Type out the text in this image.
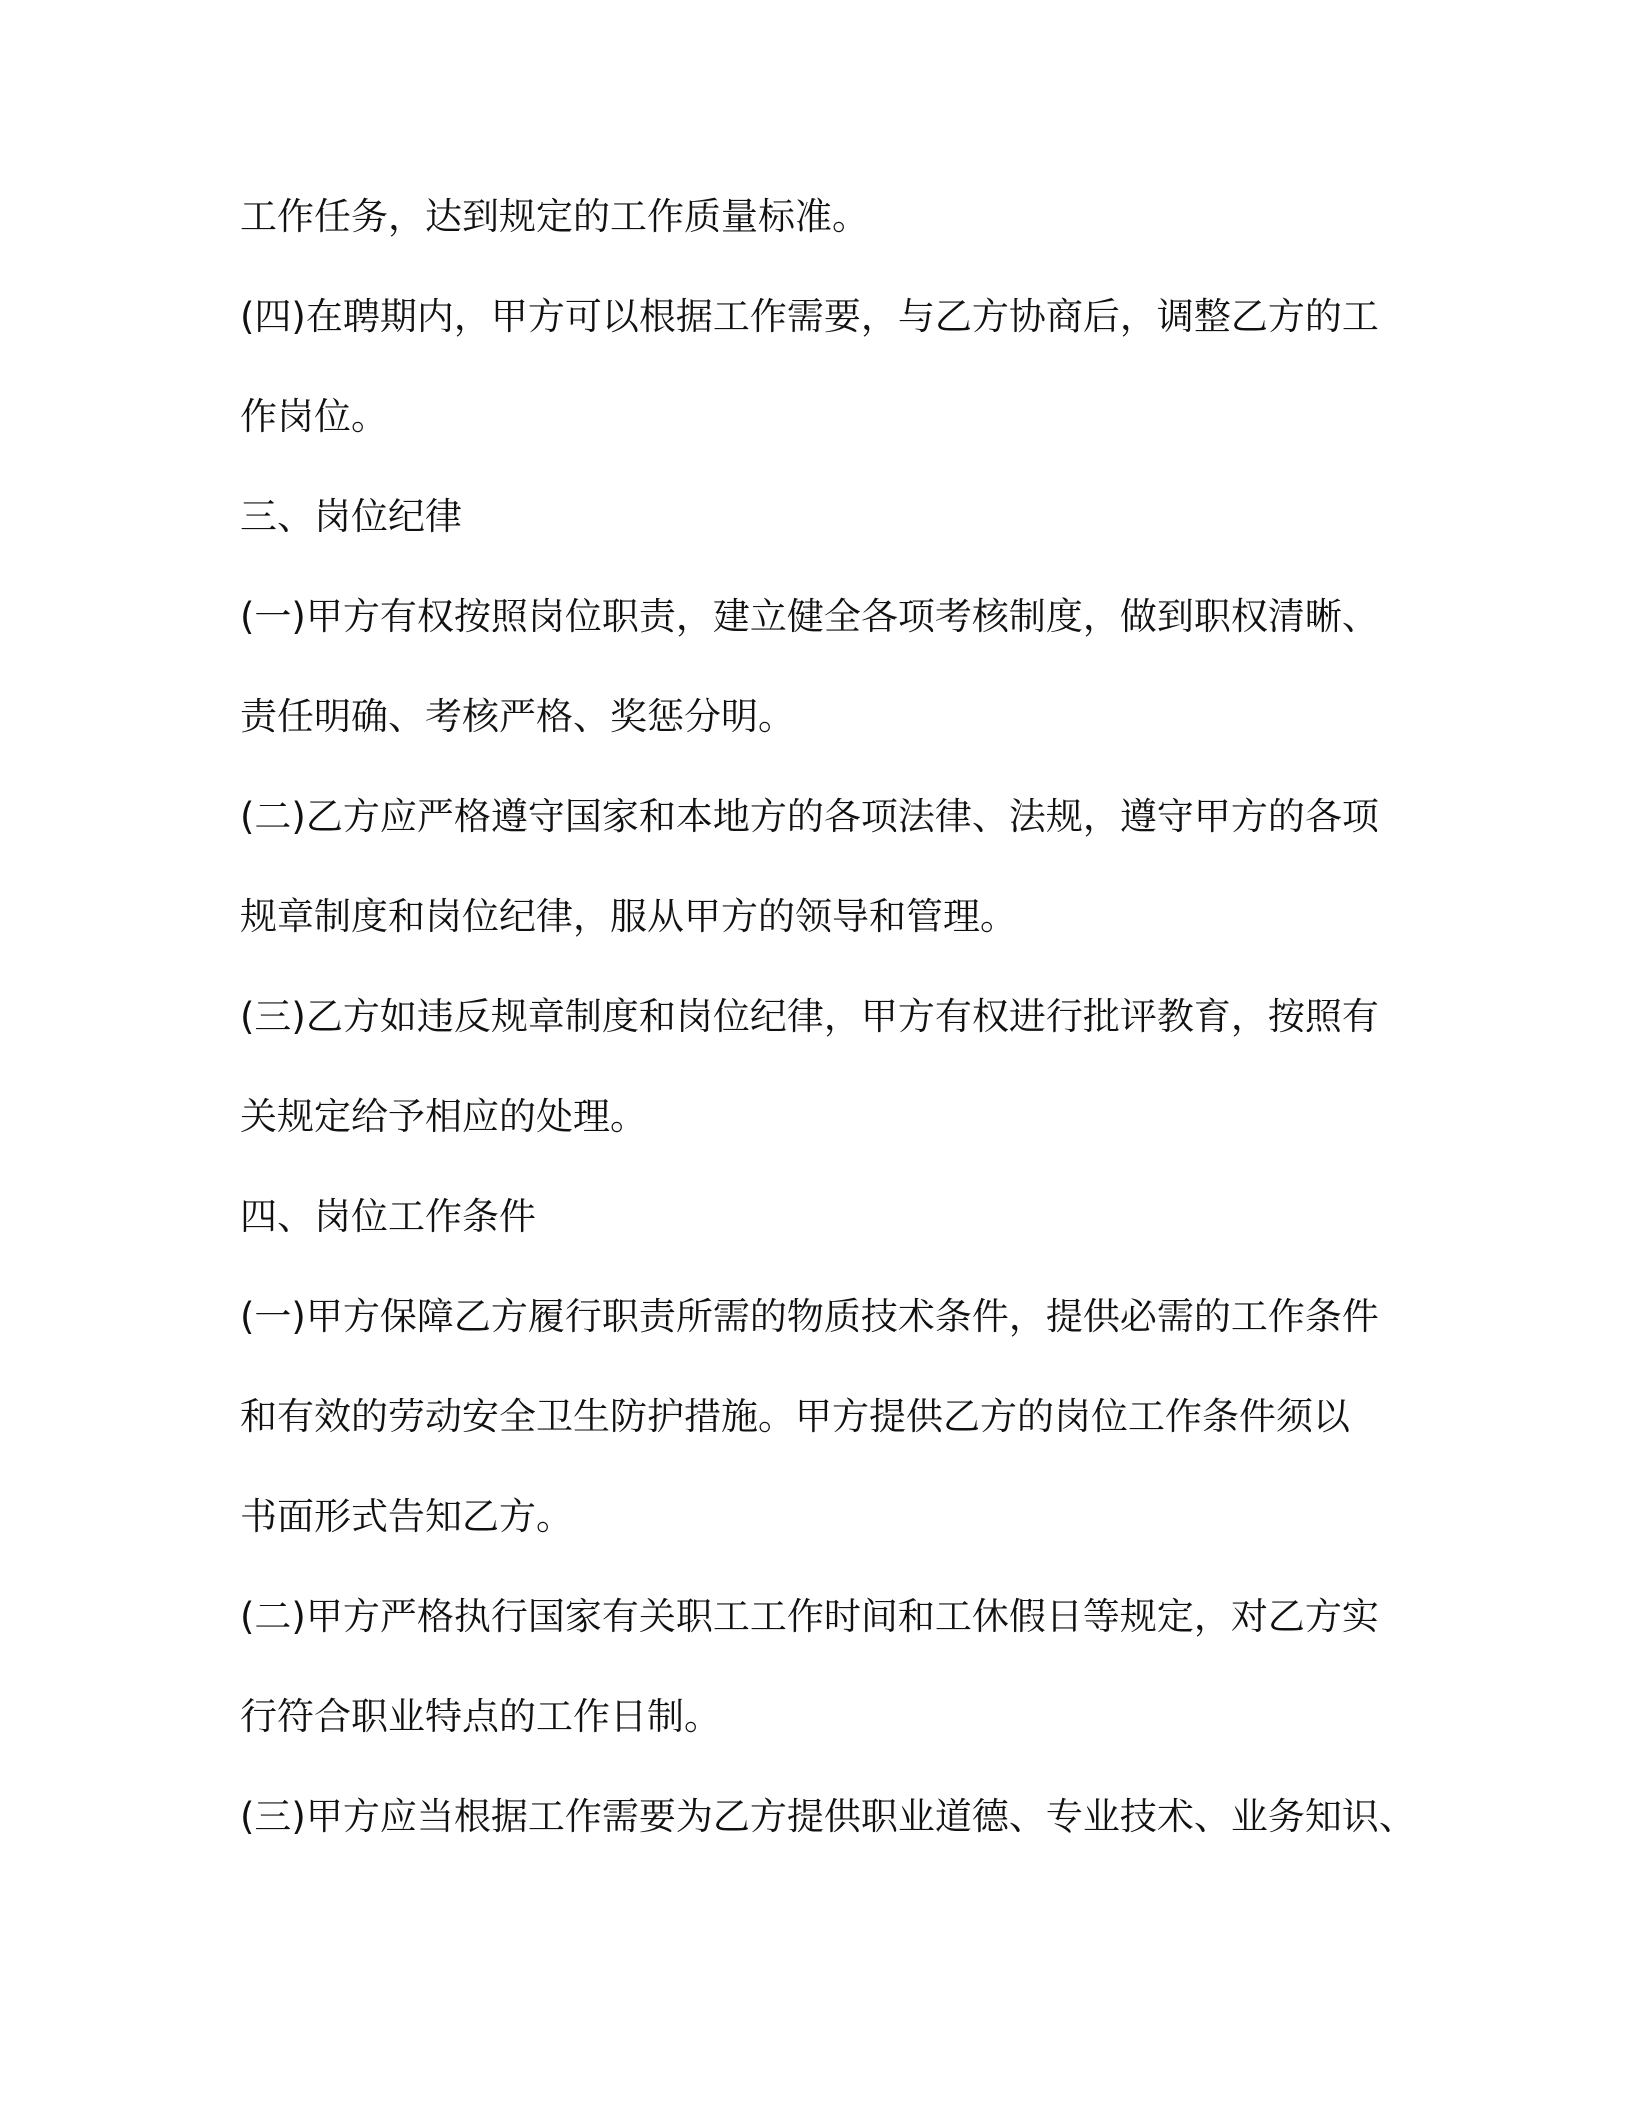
工作任务，达到规定的工作质量标准。
(四)在聘期内，甲方可以根据工作需要，与乙方协商后，调整乙方的工
作岗位。
三、岗位纪律
(一)甲方有权按照岗位职责，建立健全各项考核制度，做到职权清晰、
责任明确、考核严格、奖惩分明。
(二)乙方应严格遵守国家和本地方的各项法律、法规，遵守甲方的各项
规章制度和岗位纪律，服从甲方的领导和管理。
(三)乙方如违反规章制度和岗位纪律，甲方有权进行批评教育，按照有
关规定给予相应的处理。
四、岗位工作条件
(一)甲方保障乙方履行职责所需的物质技术条件，提供必需的工作条件
和有效的劳动安全卫生防护措施。甲方提供乙方的岗位工作条件须以
书面形式告知乙方。
(二)甲方严格执行国家有关职工工作时间和工休假日等规定，对乙方实
行符合职业特点的工作日制。
(三)甲方应当根据工作需要为乙方提供职业道德、专业技术、业务知识、
